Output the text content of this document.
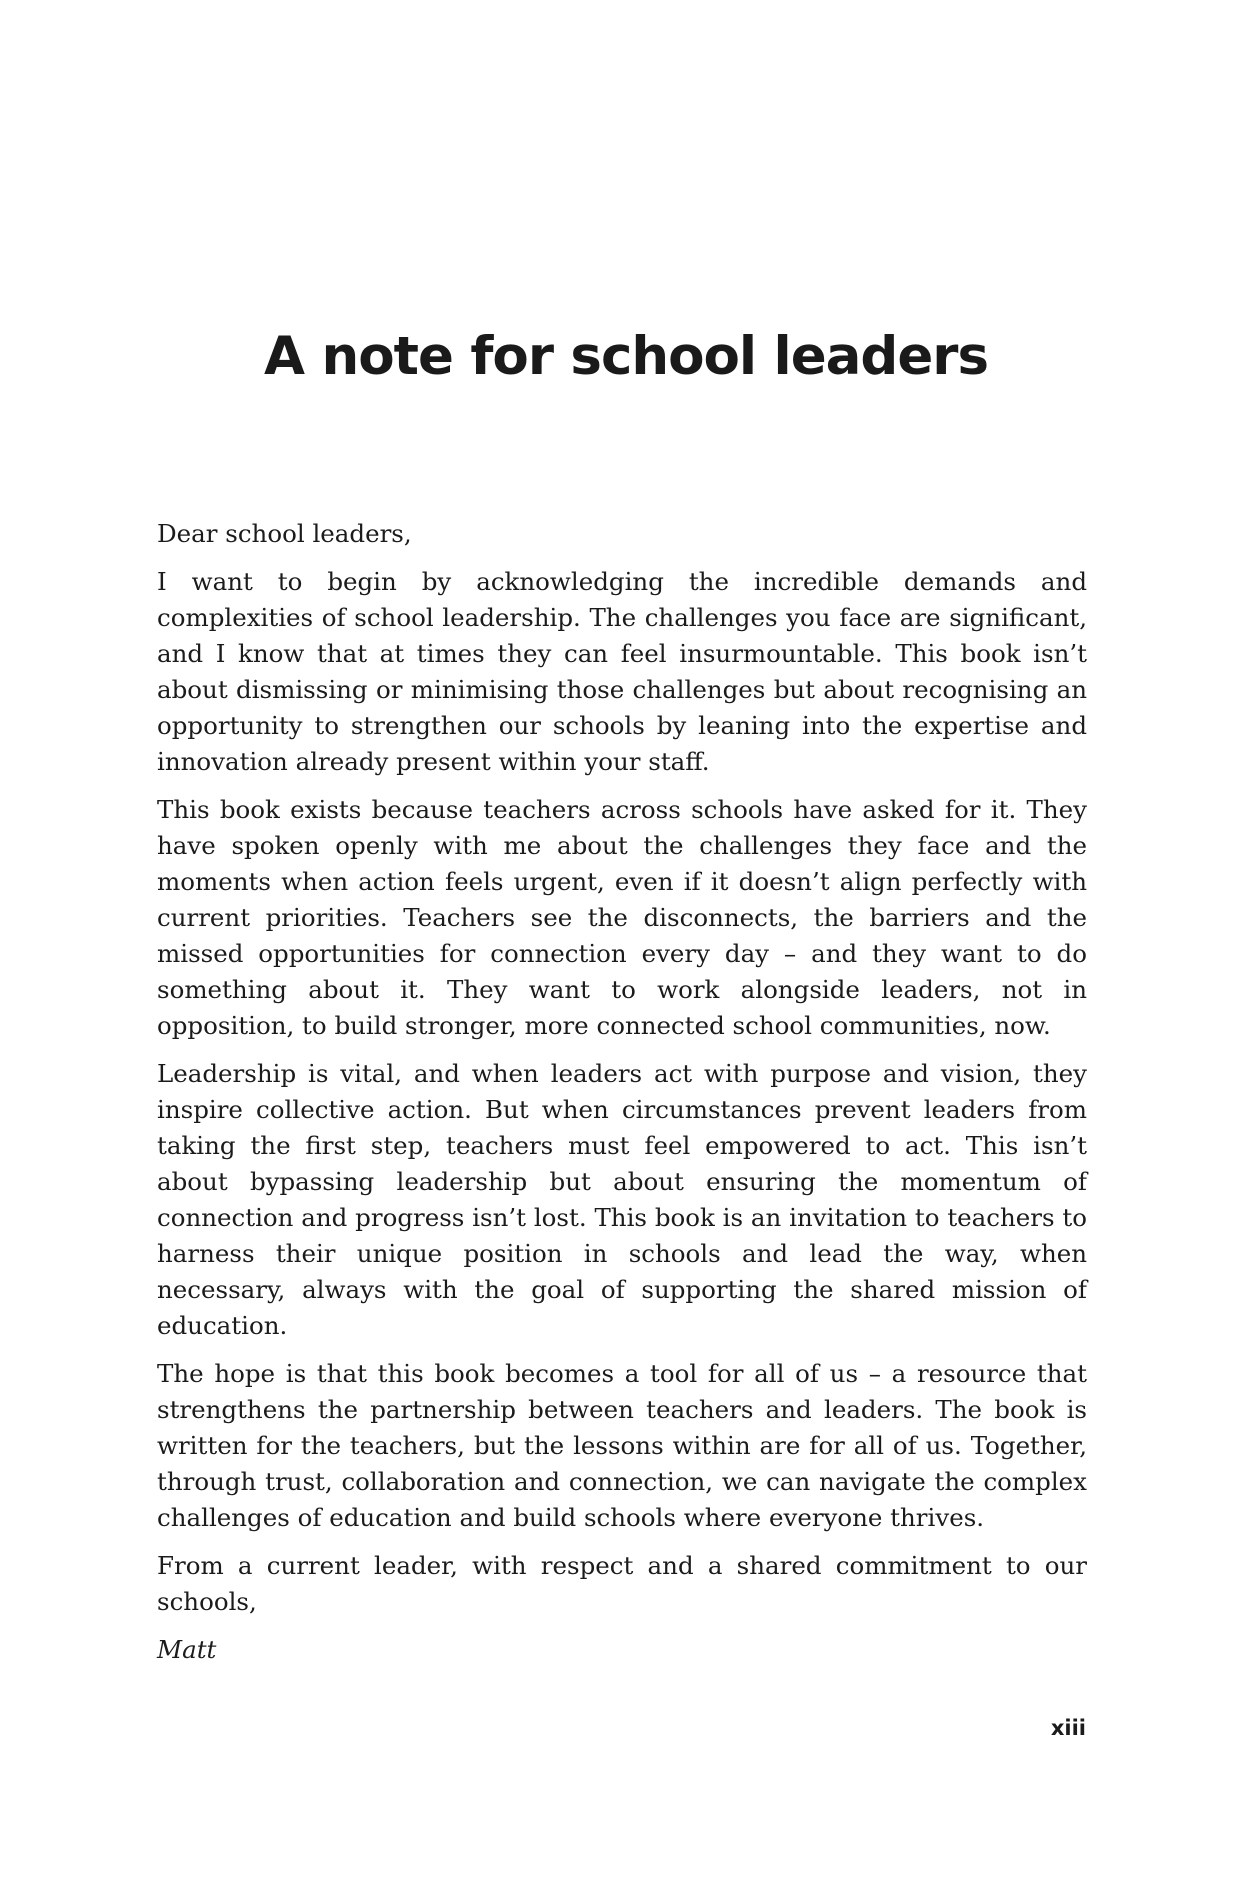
A note for school leaders

Dear school leaders,

I want to begin by acknowledging the incredible demands and complexities of school leadership. The challenges you face are significant, and I know that at times they can feel insurmountable. This book isn’t about dismissing or minimising those challenges but about recognising an opportunity to strengthen our schools by leaning into the expertise and innovation already present within your staff.

This book exists because teachers across schools have asked for it. They have spoken openly with me about the challenges they face and the moments when action feels urgent, even if it doesn’t align perfectly with current priorities. Teachers see the disconnects, the barriers and the missed opportunities for connection every day – and they want to do something about it. They want to work alongside leaders, not in opposition, to build stronger, more connected school communities, now.

Leadership is vital, and when leaders act with purpose and vision, they inspire collective action. But when circumstances prevent leaders from taking the first step, teachers must feel empowered to act. This isn’t about bypassing leadership but about ensuring the momentum of connection and progress isn’t lost. This book is an invitation to teachers to harness their unique position in schools and lead the way, when necessary, always with the goal of supporting the shared mission of education.

The hope is that this book becomes a tool for all of us – a resource that strengthens the partnership between teachers and leaders. The book is written for the teachers, but the lessons within are for all of us. Together, through trust, collaboration and connection, we can navigate the complex challenges of education and build schools where everyone thrives.

From a current leader, with respect and a shared commitment to our schools,

Matt

xiii
